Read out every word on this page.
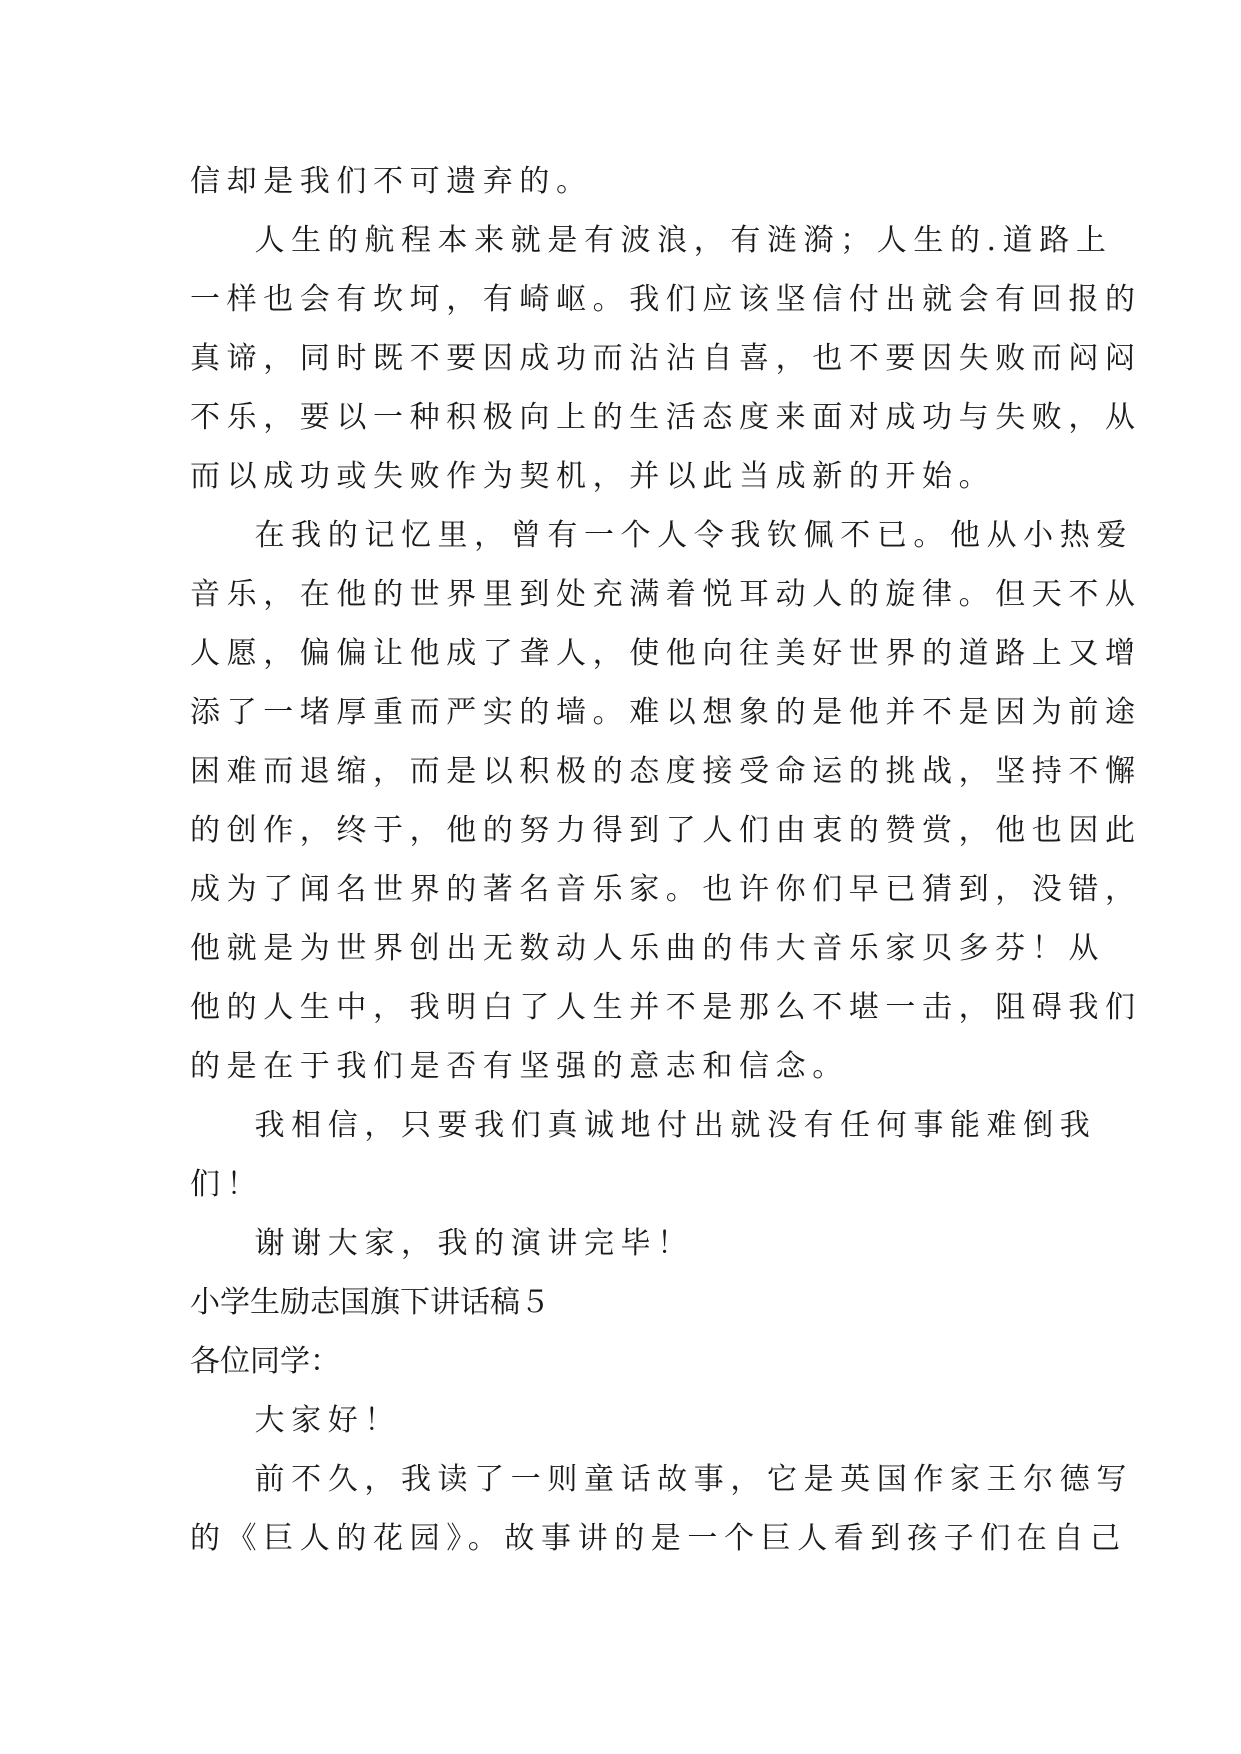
信却是我们不可遗弃的。

人生的航程本来就是有波浪，有涟漪；人生的.道路上

一样也会有坎坷，有崎岖。我们应该坚信付出就会有回报的

真谛，同时既不要因成功而沾沾自喜，也不要因失败而闷闷

不乐，要以一种积极向上的生活态度来面对成功与失败，从

而以成功或失败作为契机，并以此当成新的开始。

在我的记忆里，曾有一个人令我钦佩不已。他从小热爱

音乐，在他的世界里到处充满着悦耳动人的旋律。但天不从

人愿，偏偏让他成了聋人，使他向往美好世界的道路上又增

添了一堵厚重而严实的墙。难以想象的是他并不是因为前途

困难而退缩，而是以积极的态度接受命运的挑战，坚持不懈

的创作，终于，他的努力得到了人们由衷的赞赏，他也因此

成为了闻名世界的著名音乐家。也许你们早已猜到，没错，

他就是为世界创出无数动人乐曲的伟大音乐家贝多芬！从

他的人生中，我明白了人生并不是那么不堪一击，阻碍我们

的是在于我们是否有坚强的意志和信念。

我相信，只要我们真诚地付出就没有任何事能难倒我

们！

谢谢大家，我的演讲完毕！

小学生励志国旗下讲话稿５

各位同学：

大家好！

前不久，我读了一则童话故事，它是英国作家王尔德写

的《巨人的花园》。故事讲的是一个巨人看到孩子们在自己
